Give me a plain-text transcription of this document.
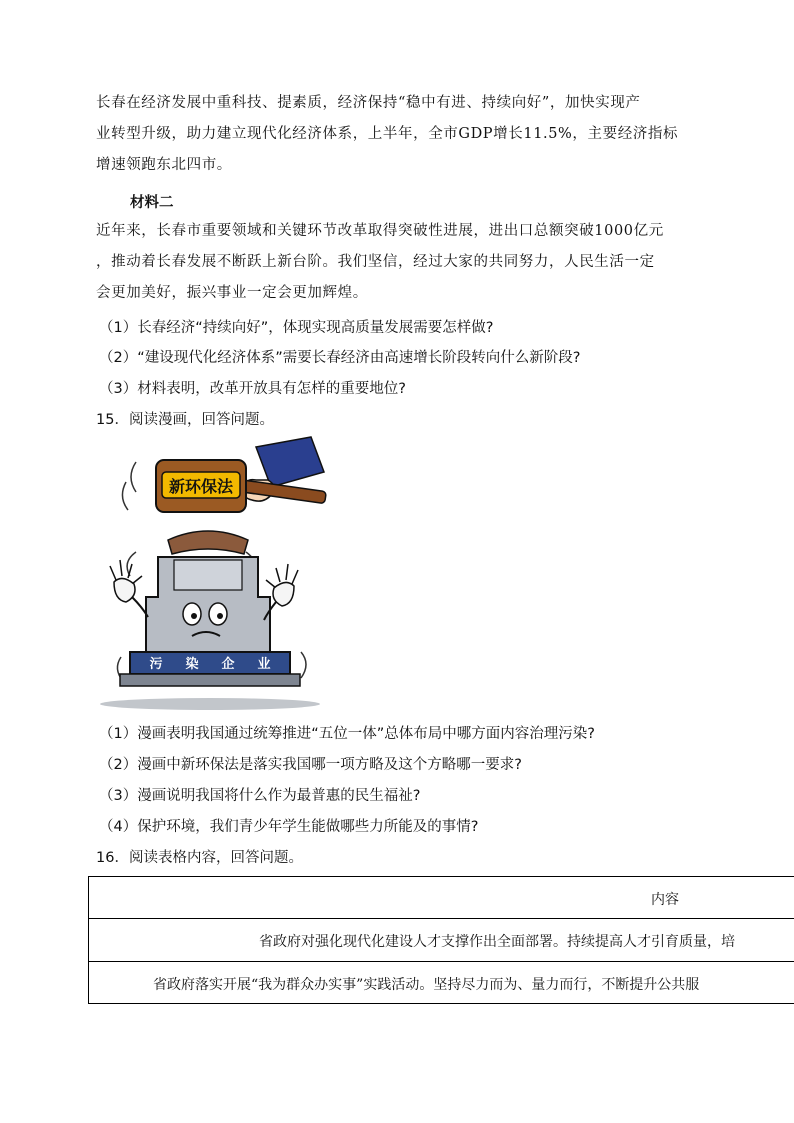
长春在经济发展中重科技、提素质，经济保持“稳中有进、持续向好”，加快实现产
业转型升级，助力建立现代化经济体系，上半年，全市GDP增长11.5%，主要经济指标
增速领跑东北四市。
材料二
近年来，长春市重要领域和关键环节改革取得突破性进展，进出口总额突破1000亿元
，推动着长春发展不断跃上新台阶。我们坚信，经过大家的共同努力，人民生活一定
会更加美好，振兴事业一定会更加辉煌。
（1）长春经济“持续向好”，体现实现高质量发展需要怎样做?
（2）“建设现代化经济体系”需要长春经济由高速增长阶段转向什么新阶段?
（3）材料表明，改革开放具有怎样的重要地位?
15．阅读漫画，回答问题。
新环保法
污 染 企 业
（1）漫画表明我国通过统筹推进“五位一体”总体布局中哪方面内容治理污染?
（2）漫画中新环保法是落实我国哪一项方略及这个方略哪一要求?
（3）漫画说明我国将什么作为最普惠的民生福祉?
（4）保护环境，我们青少年学生能做哪些力所能及的事情?
16．阅读表格内容，回答问题。
内容
省政府对强化现代化建设人才支撑作出全面部署。持续提高人才引育质量，培
省政府落实开展“我为群众办实事”实践活动。坚持尽力而为、量力而行，不断提升公共服
